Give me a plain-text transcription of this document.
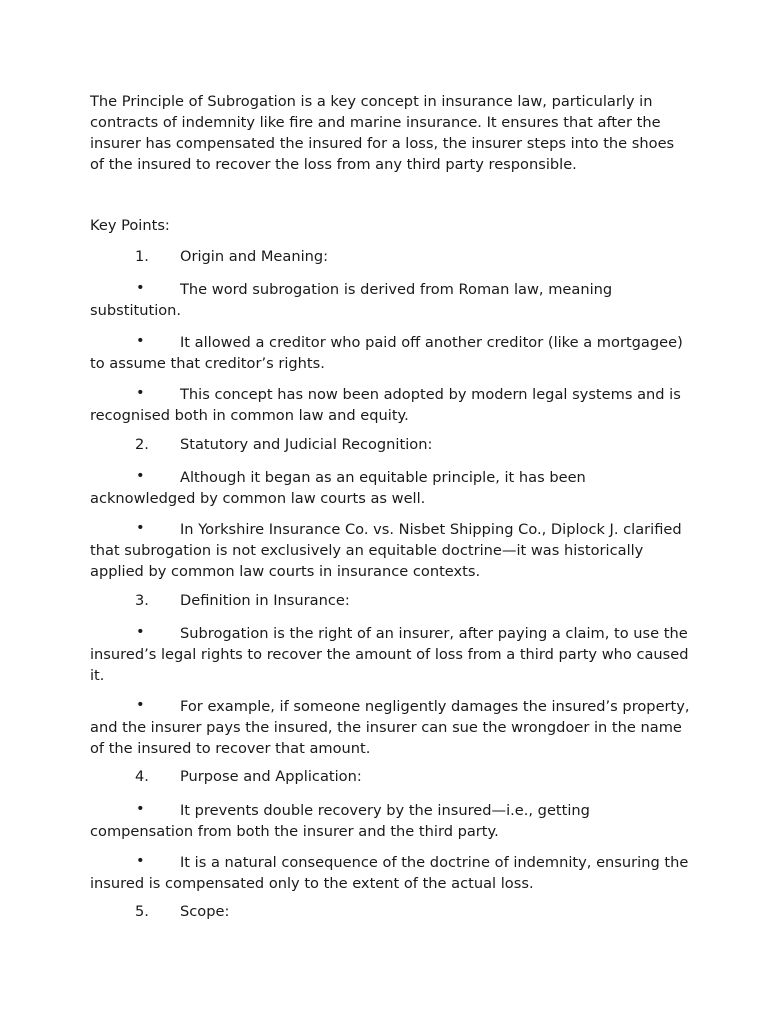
The Principle of Subrogation is a key concept in insurance law, particularly in contracts of indemnity like fire and marine insurance. It ensures that after the insurer has compensated the insured for a loss, the insurer steps into the shoes of the insured to recover the loss from any third party responsible.

Key Points:
1. Origin and Meaning:
•	The word subrogation is derived from Roman law, meaning substitution.

•	It allowed a creditor who paid off another creditor (like a mortgagee) to assume that creditor’s rights.

•	This concept has now been adopted by modern legal systems and is recognised both in common law and equity.

2. Statutory and Judicial Recognition:
•	Although it began as an equitable principle, it has been acknowledged by common law courts as well.

•	In Yorkshire Insurance Co. vs. Nisbet Shipping Co., Diplock J. clarified that subrogation is not exclusively an equitable doctrine—it was historically applied by common law courts in insurance contexts.

3. Definition in Insurance:
•	Subrogation is the right of an insurer, after paying a claim, to use the insured’s legal rights to recover the amount of loss from a third party who caused it.

•	For example, if someone negligently damages the insured’s property, and the insurer pays the insured, the insurer can sue the wrongdoer in the name of the insured to recover that amount.

4. Purpose and Application:
•	It prevents double recovery by the insured—i.e., getting compensation from both the insurer and the third party.

•	It is a natural consequence of the doctrine of indemnity, ensuring the insured is compensated only to the extent of the actual loss.

5. Scope:
